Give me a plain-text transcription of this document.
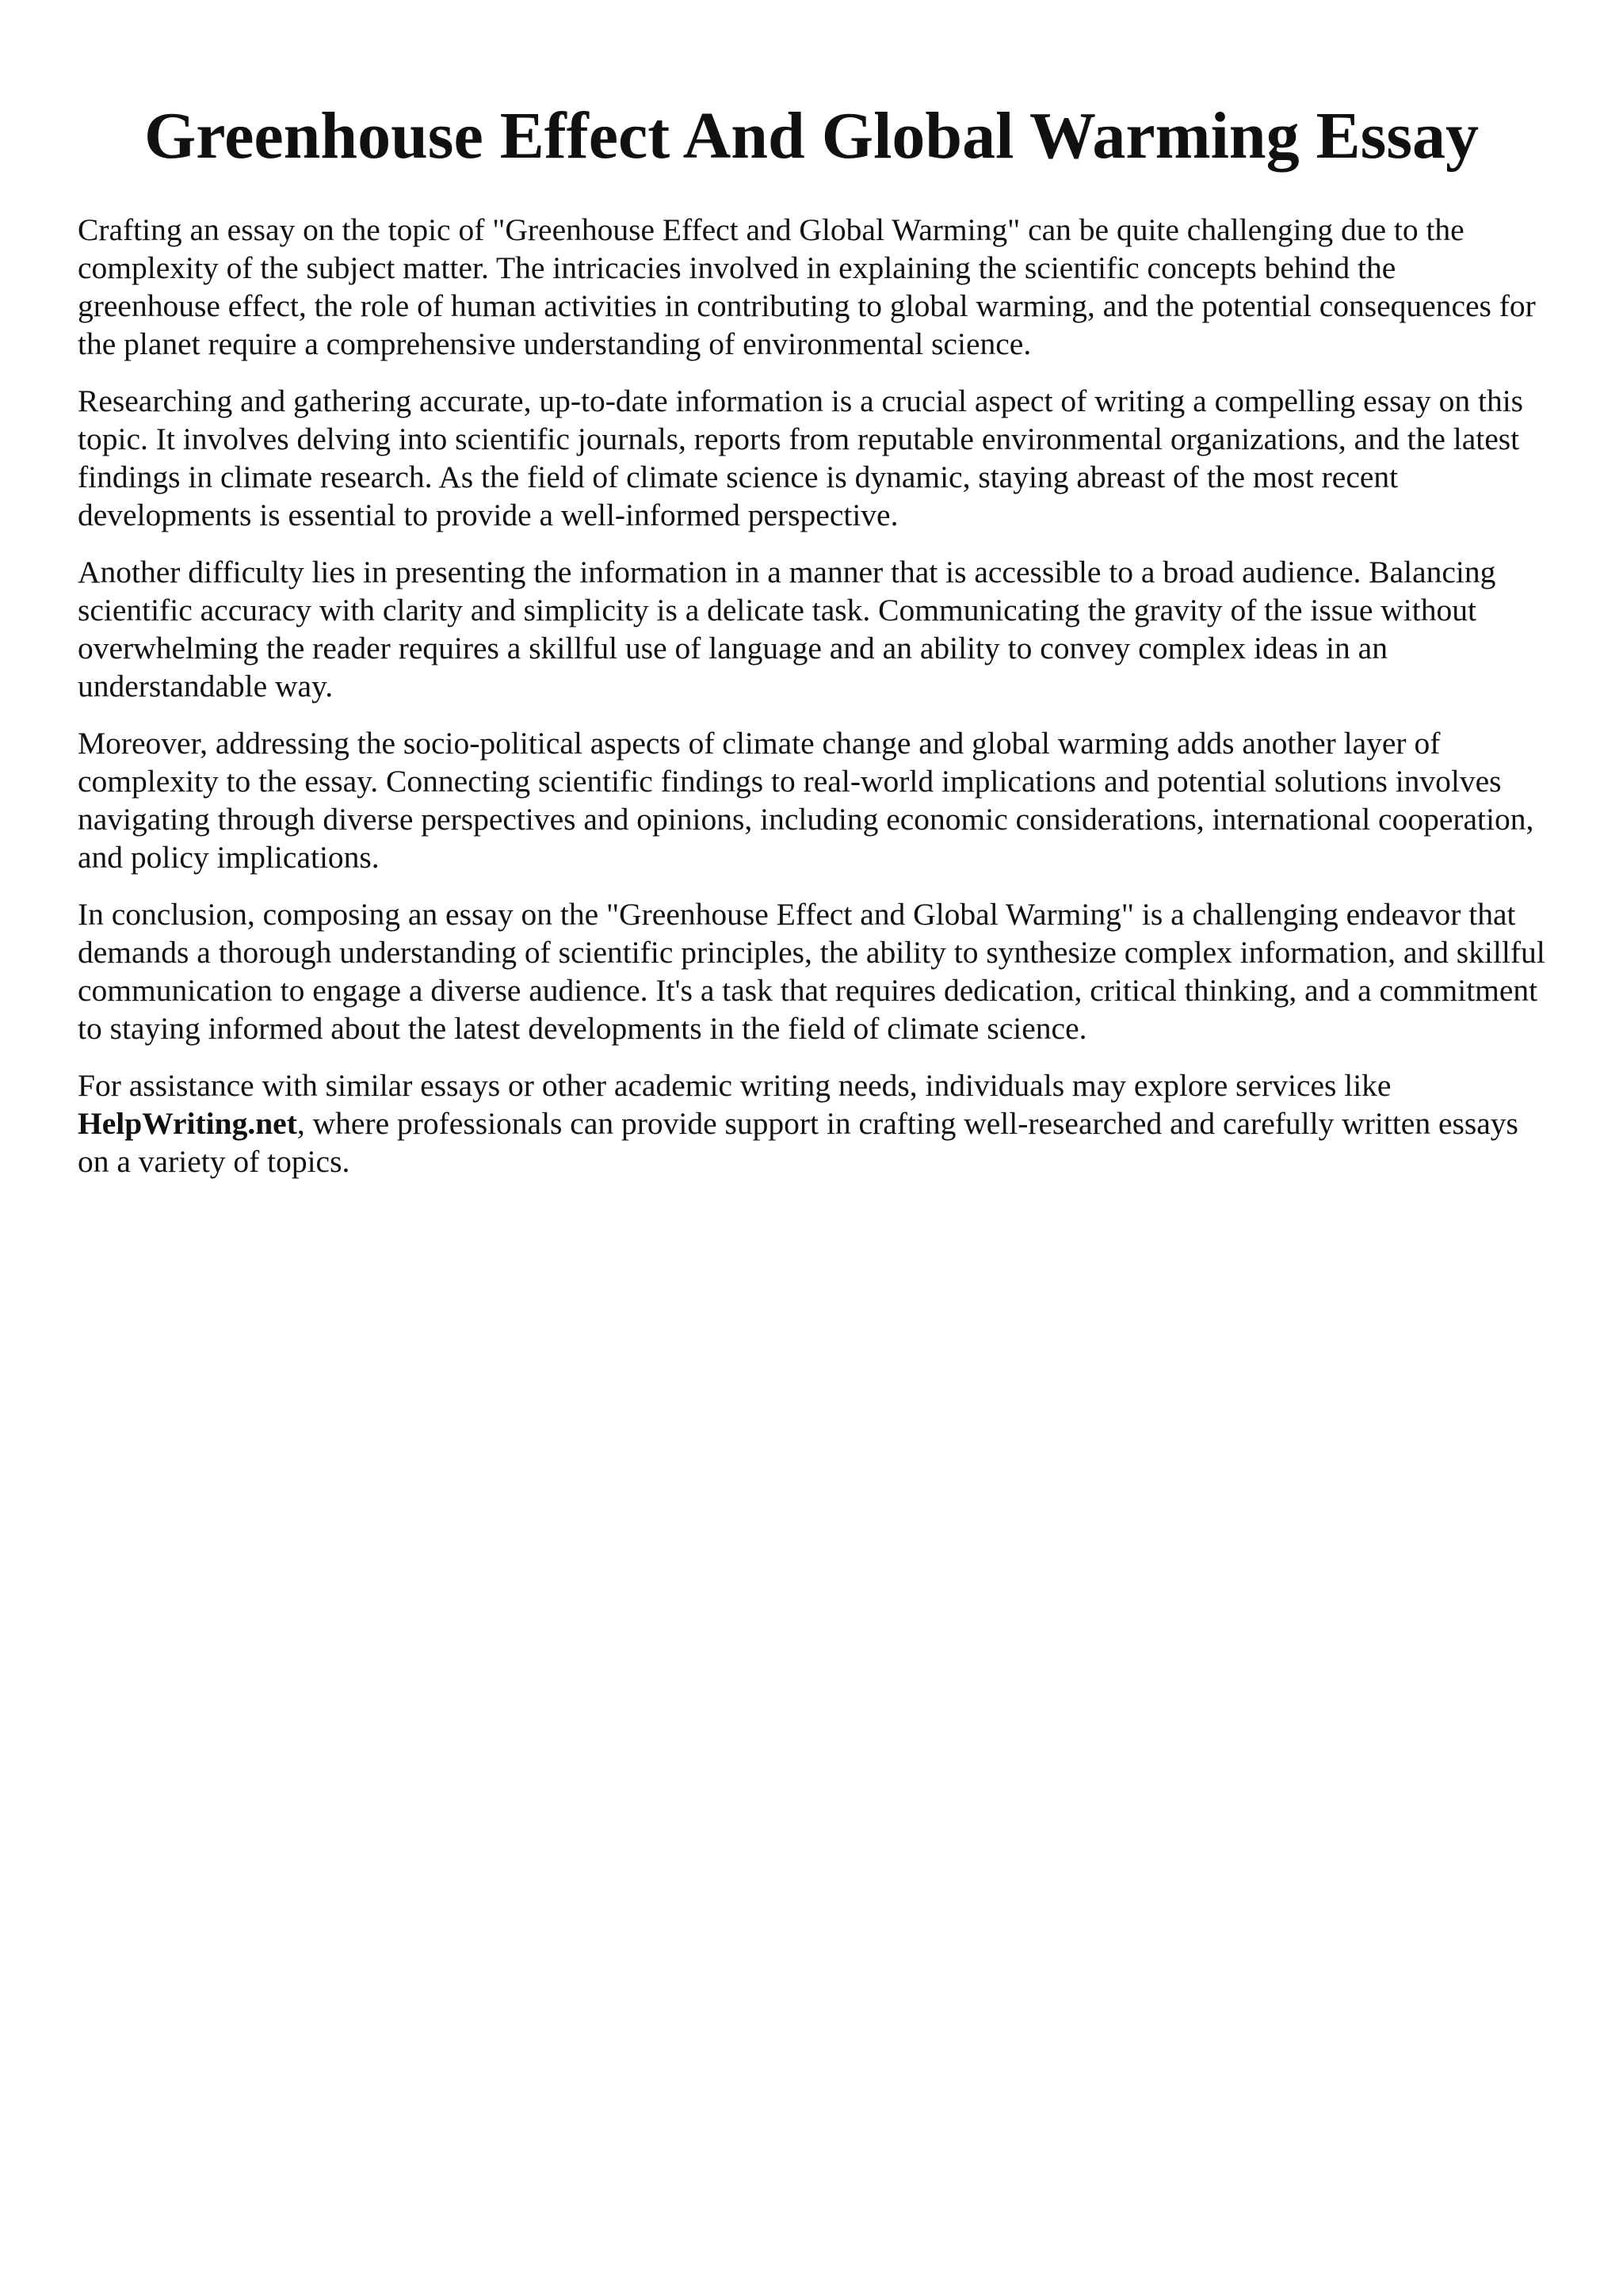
Greenhouse Effect And Global Warming Essay

Crafting an essay on the topic of "Greenhouse Effect and Global Warming" can be quite challenging due to the complexity of the subject matter. The intricacies involved in explaining the scientific concepts behind the greenhouse effect, the role of human activities in contributing to global warming, and the potential consequences for the planet require a comprehensive understanding of environmental science.

Researching and gathering accurate, up-to-date information is a crucial aspect of writing a compelling essay on this topic. It involves delving into scientific journals, reports from reputable environmental organizations, and the latest findings in climate research. As the field of climate science is dynamic, staying abreast of the most recent developments is essential to provide a well-informed perspective.

Another difficulty lies in presenting the information in a manner that is accessible to a broad audience. Balancing scientific accuracy with clarity and simplicity is a delicate task. Communicating the gravity of the issue without overwhelming the reader requires a skillful use of language and an ability to convey complex ideas in an understandable way.

Moreover, addressing the socio-political aspects of climate change and global warming adds another layer of complexity to the essay. Connecting scientific findings to real-world implications and potential solutions involves navigating through diverse perspectives and opinions, including economic considerations, international cooperation, and policy implications.

In conclusion, composing an essay on the "Greenhouse Effect and Global Warming" is a challenging endeavor that demands a thorough understanding of scientific principles, the ability to synthesize complex information, and skillful communication to engage a diverse audience. It's a task that requires dedication, critical thinking, and a commitment to staying informed about the latest developments in the field of climate science.

For assistance with similar essays or other academic writing needs, individuals may explore services like HelpWriting.net, where professionals can provide support in crafting well-researched and carefully written essays on a variety of topics.
